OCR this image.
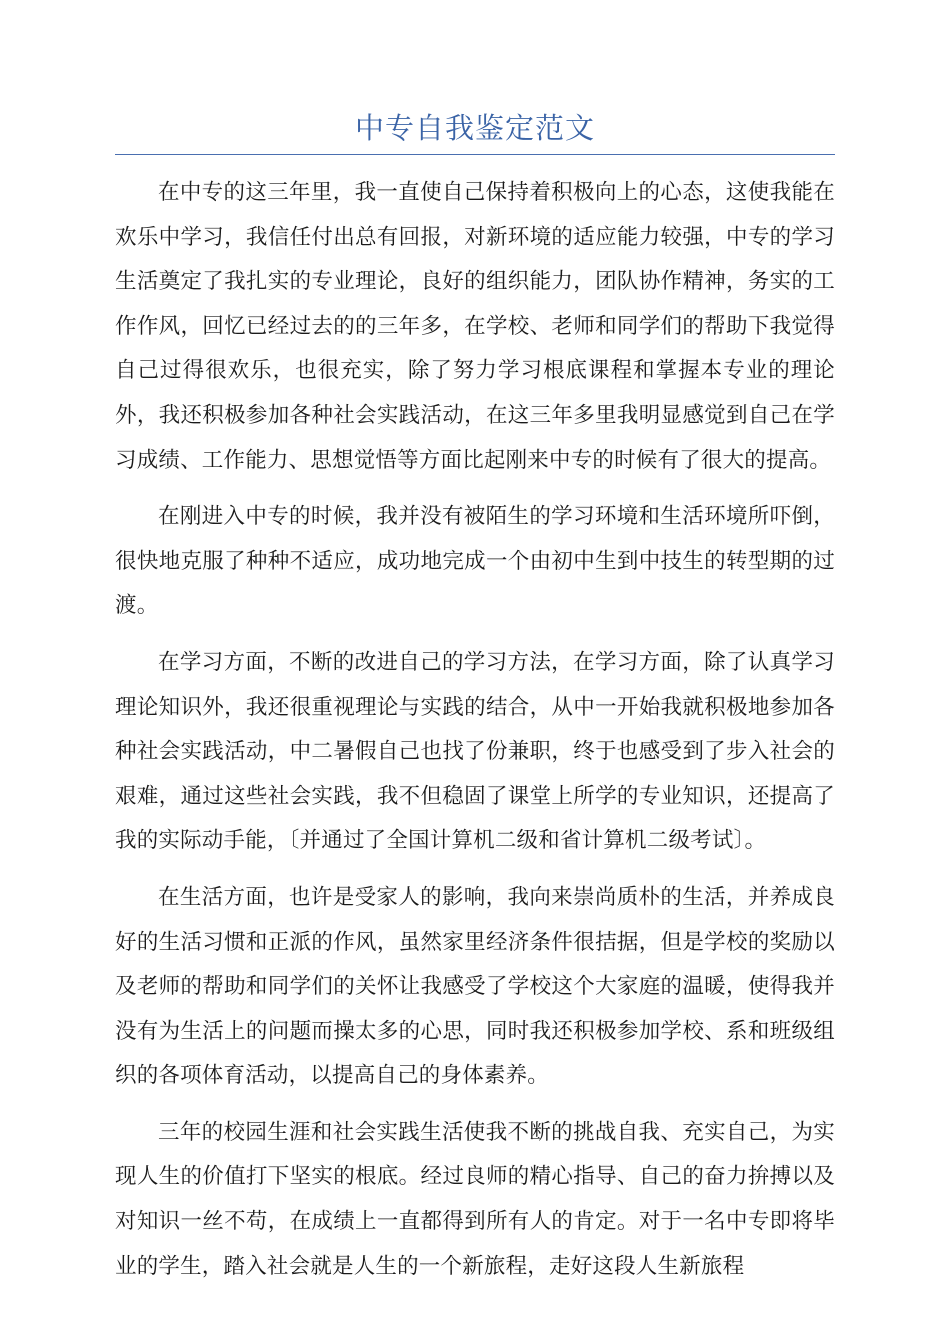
中专自我鉴定范文

在中专的这三年里，我一直使自己保持着积极向上的心态，这使我能在欢乐中学习，我信任付出总有回报，对新环境的适应能力较强，中专的学习生活奠定了我扎实的专业理论，良好的组织能力，团队协作精神，务实的工作作风，回忆已经过去的的三年多，在学校、老师和同学们的帮助下我觉得自己过得很欢乐，也很充实，除了努力学习根底课程和掌握本专业的理论外，我还积极参加各种社会实践活动，在这三年多里我明显感觉到自己在学习成绩、工作能力、思想觉悟等方面比起刚来中专的时候有了很大的提高。

在刚进入中专的时候，我并没有被陌生的学习环境和生活环境所吓倒，很快地克服了种种不适应，成功地完成一个由初中生到中技生的转型期的过渡。

在学习方面，不断的改进自己的学习方法，在学习方面，除了认真学习理论知识外，我还很重视理论与实践的结合，从中一开始我就积极地参加各种社会实践活动，中二暑假自己也找了份兼职，终于也感受到了步入社会的艰难，通过这些社会实践，我不但稳固了课堂上所学的专业知识，还提高了我的实际动手能，〔并通过了全国计算机二级和省计算机二级考试〕。

在生活方面，也许是受家人的影响，我向来崇尚质朴的生活，并养成良好的生活习惯和正派的作风，虽然家里经济条件很拮据，但是学校的奖励以及老师的帮助和同学们的关怀让我感受了学校这个大家庭的温暖，使得我并没有为生活上的问题而操太多的心思，同时我还积极参加学校、系和班级组织的各项体育活动，以提高自己的身体素养。

三年的校园生涯和社会实践生活使我不断的挑战自我、充实自己，为实现人生的价值打下坚实的根底。经过良师的精心指导、自己的奋力拚搏以及对知识一丝不苟，在成绩上一直都得到所有人的肯定。对于一名中专即将毕业的学生，踏入社会就是人生的一个新旅程，走好这段人生新旅程
